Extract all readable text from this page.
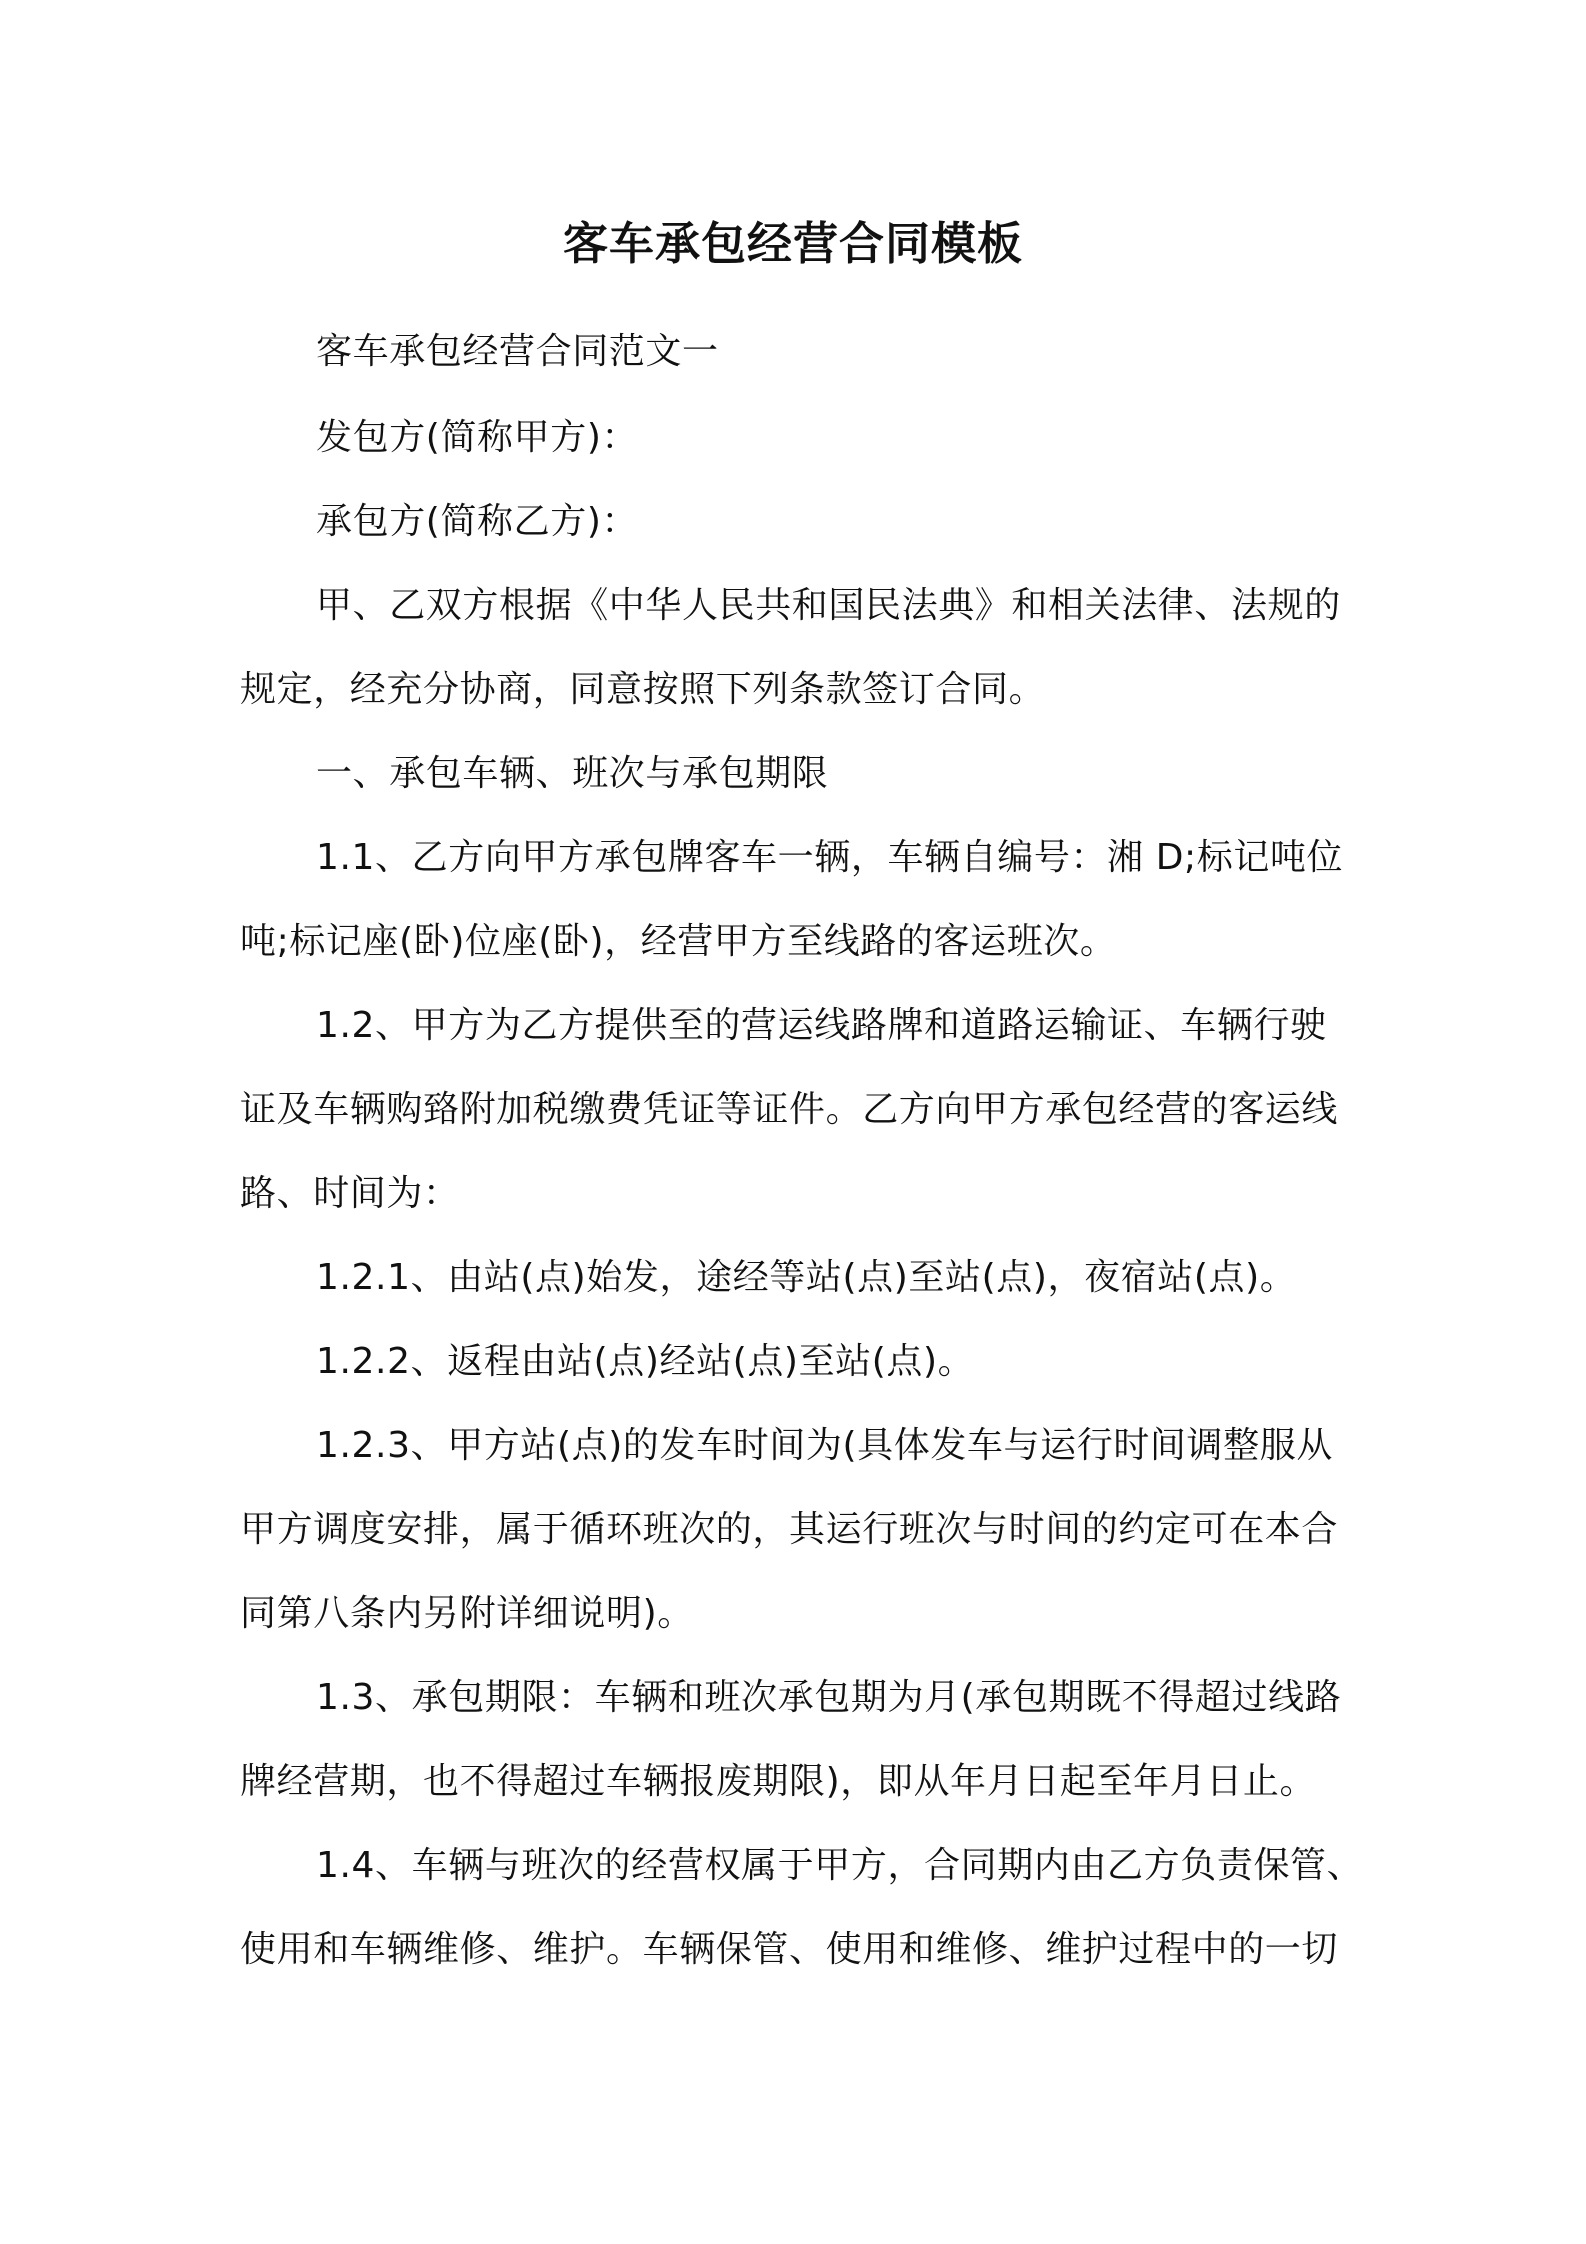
客车承包经营合同模板
客车承包经营合同范文一
发包方(简称甲方)：
承包方(简称乙方)：
甲、乙双方根据《中华人民共和国民法典》和相关法律、法规的
规定，经充分协商，同意按照下列条款签订合同。
一、承包车辆、班次与承包期限
1.1、乙方向甲方承包牌客车一辆，车辆自编号：湘 D;标记吨位
吨;标记座(卧)位座(卧)，经营甲方至线路的客运班次。
1.2、甲方为乙方提供至的营运线路牌和道路运输证、车辆行驶
证及车辆购臵附加税缴费凭证等证件。乙方向甲方承包经营的客运线
路、时间为：
1.2.1、由站(点)始发，途经等站(点)至站(点)，夜宿站(点)。
1.2.2、返程由站(点)经站(点)至站(点)。
1.2.3、甲方站(点)的发车时间为(具体发车与运行时间调整服从
甲方调度安排，属于循环班次的，其运行班次与时间的约定可在本合
同第八条内另附详细说明)。
1.3、承包期限：车辆和班次承包期为月(承包期既不得超过线路
牌经营期，也不得超过车辆报废期限)，即从年月日起至年月日止。
1.4、车辆与班次的经营权属于甲方，合同期内由乙方负责保管、
使用和车辆维修、维护。车辆保管、使用和维修、维护过程中的一切
